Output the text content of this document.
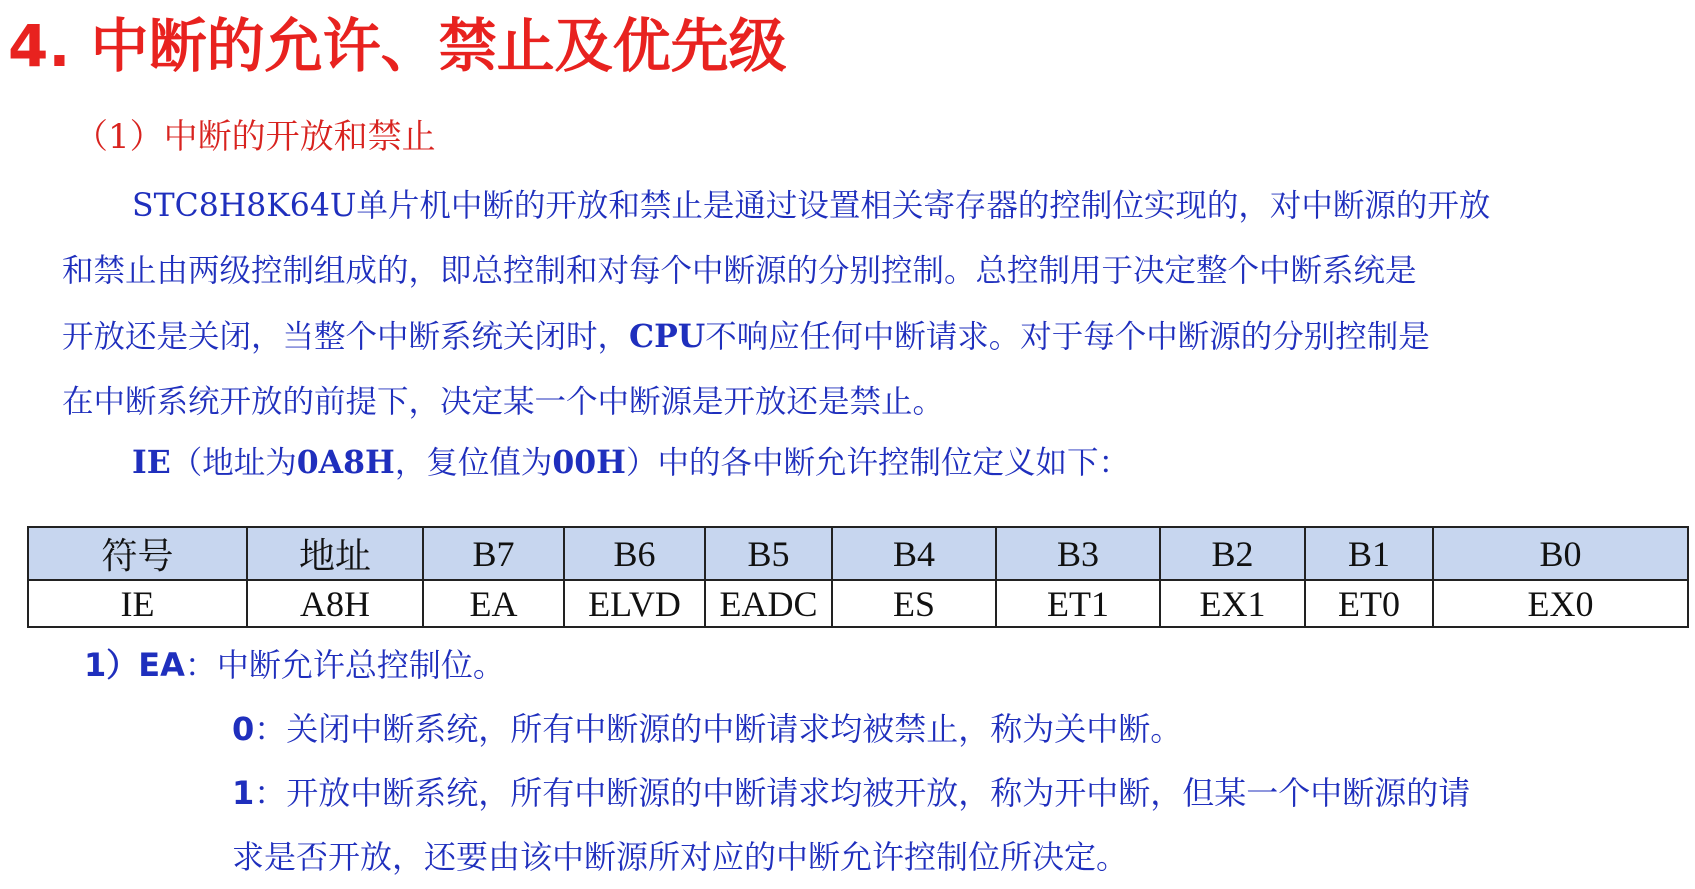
4. 中断的允许、禁止及优先级
（1）中断的开放和禁止
STC8H8K64U单片机中断的开放和禁止是通过设置相关寄存器的控制位实现的，对中断源的开放
和禁止由两级控制组成的，即总控制和对每个中断源的分别控制。总控制用于决定整个中断系统是
开放还是关闭，当整个中断系统关闭时，CPU不响应任何中断请求。对于每个中断源的分别控制是
在中断系统开放的前提下，决定某一个中断源是开放还是禁止。
IE（地址为0A8H，复位值为00H）中的各中断允许控制位定义如下：
符号	地址	B7	B6	B5	B4	B3	B2	B1	B0
IE	A8H	EA	ELVD	EADC	ES	ET1	EX1	ET0	EX0
1）EA：中断允许总控制位。
0：关闭中断系统，所有中断源的中断请求均被禁止，称为关中断。
1：开放中断系统，所有中断源的中断请求均被开放，称为开中断，但某一个中断源的请
求是否开放，还要由该中断源所对应的中断允许控制位所决定。
